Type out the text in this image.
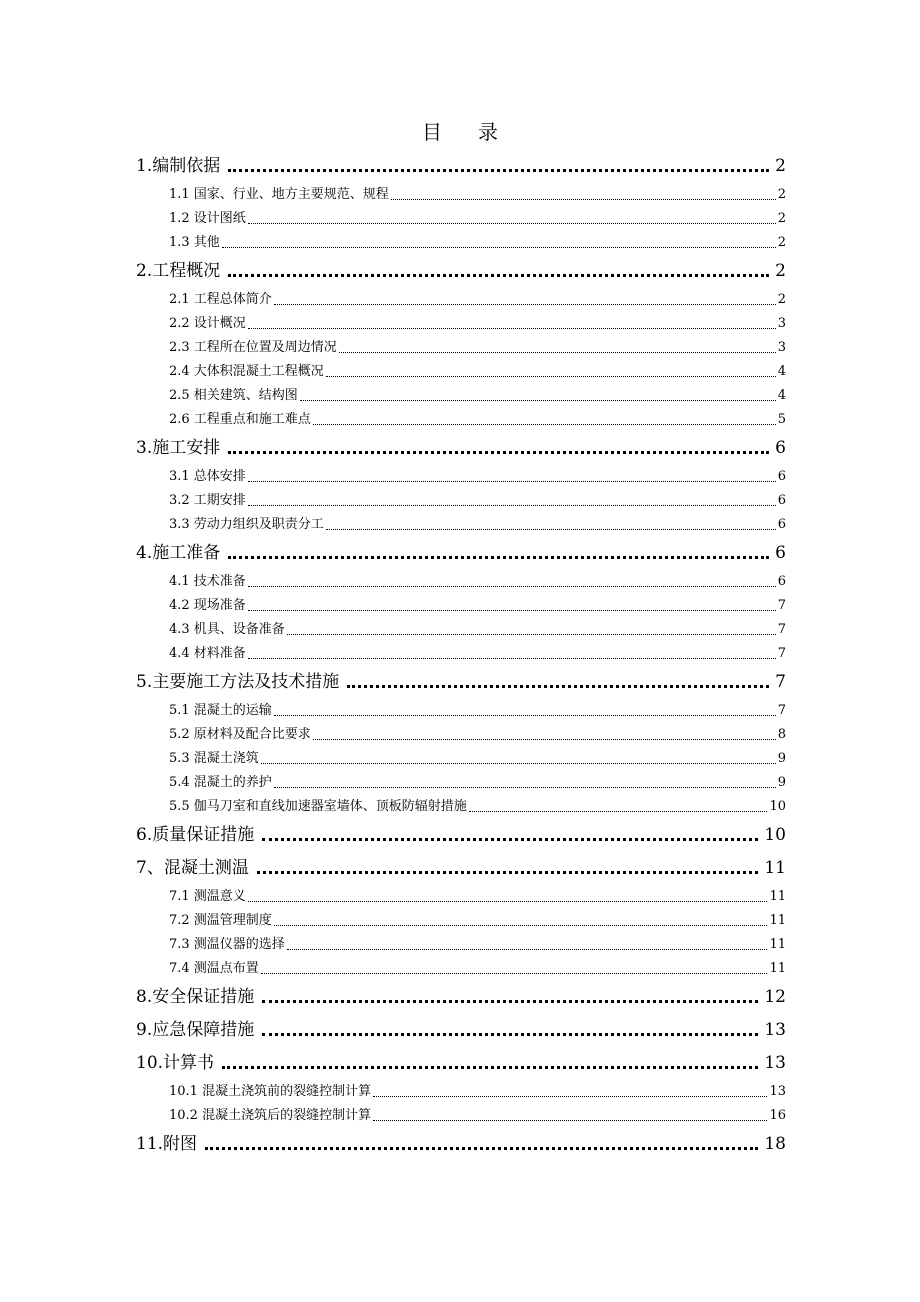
目 录
1.编制依据	2
1.1 国家、行业、地方主要规范、规程	2
1.2 设计图纸	2
1.3 其他	2
2.工程概况	2
2.1 工程总体简介	2
2.2 设计概况	3
2.3 工程所在位置及周边情况	3
2.4 大体积混凝土工程概况	4
2.5 相关建筑、结构图	4
2.6 工程重点和施工难点	5
3.施工安排	6
3.1 总体安排	6
3.2 工期安排	6
3.3 劳动力组织及职责分工	6
4.施工准备	6
4.1 技术准备	6
4.2 现场准备	7
4.3 机具、设备准备	7
4.4 材料准备	7
5.主要施工方法及技术措施	7
5.1 混凝土的运输	7
5.2 原材料及配合比要求	8
5.3 混凝土浇筑	9
5.4 混凝土的养护	9
5.5 伽马刀室和直线加速器室墙体、顶板防辐射措施	10
6.质量保证措施	10
7、混凝土测温	11
7.1 测温意义	11
7.2 测温管理制度	11
7.3 测温仪器的选择	11
7.4 测温点布置	11
8.安全保证措施	12
9.应急保障措施	13
10.计算书	13
10.1 混凝土浇筑前的裂缝控制计算	13
10.2 混凝土浇筑后的裂缝控制计算	16
11.附图	18
